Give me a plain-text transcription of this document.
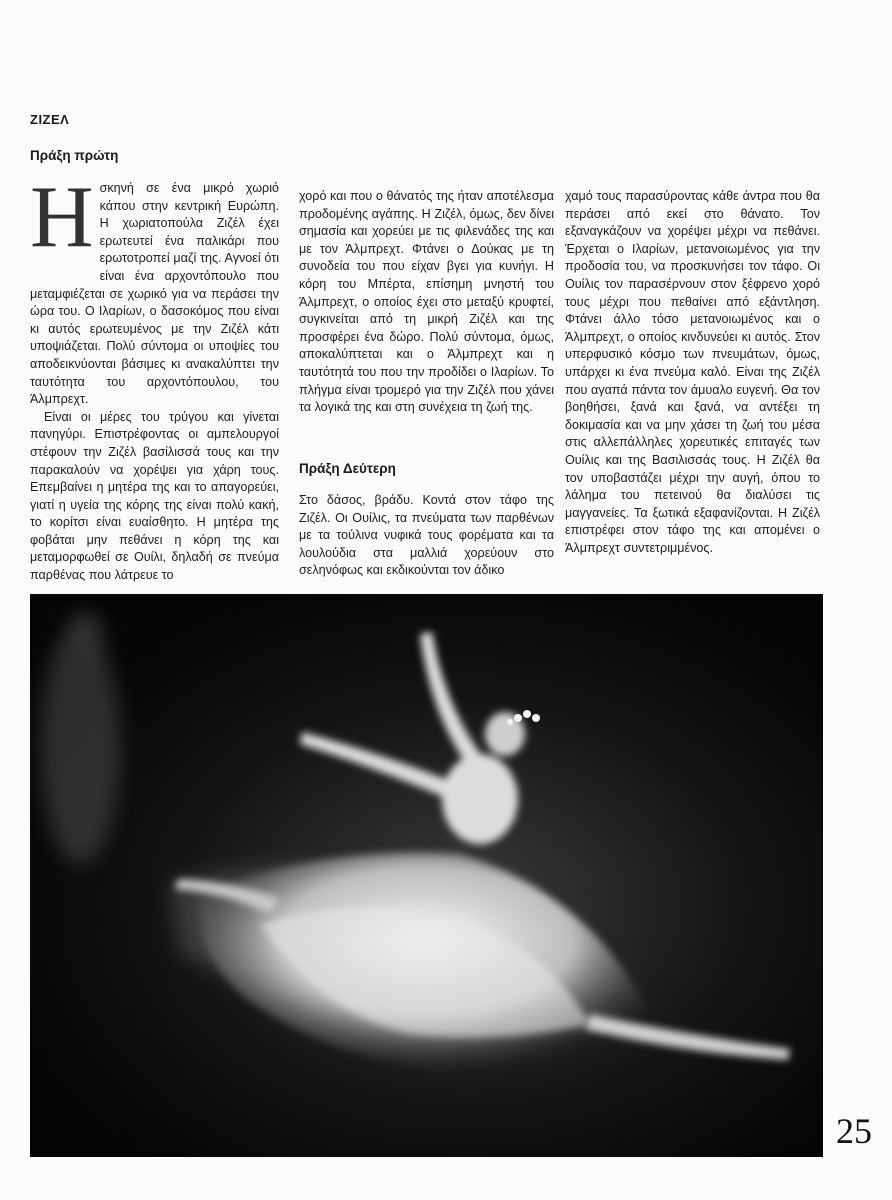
ΖΙΖΕΛ
Πράξη πρώτη

Ησκηνή σε ένα μικρό χωριό κάπου στην κεντρική Ευρώπη. Η χωριατοπούλα Ζιζέλ έχει ερωτευτεί ένα παλικάρι που ερωτοτροπεί μαζί της. Αγνοεί ότι είναι ένα αρχοντόπουλο που μεταμφιέζεται σε χωρικό για να περάσει την ώρα του. Ο Ιλαρίων, ο δασοκόμος που είναι κι αυτός ερωτευμένος με την Ζιζέλ κάτι υποψιάζεται. Πολύ σύντομα οι υποψίες του αποδεικνύονται βάσιμες κι ανακαλύπτει την ταυτότητα του αρχοντόπουλου, του Άλμπρεχτ.

Είναι οι μέρες του τρύγου και γίνεται πανηγύρι. Επιστρέφοντας οι αμπελουργοί στέφουν την Ζιζέλ βασίλισσά τους και την παρακαλούν να χορέψει για χάρη τους. Επεμβαίνει η μητέρα της και το απαγορεύει, γιατί η υγεία της κόρης της είναι πολύ κακή, το κορίτσι είναι ευαίσθητο. Η μητέρα της φοβάται μην πεθάνει η κόρη της και μεταμορφωθεί σε Ουίλι, δηλαδή σε πνεύμα παρθένας που λάτρευε το

χορό και που ο θάνατός της ήταν αποτέλεσμα προδομένης αγάπης. Η Ζιζέλ, όμως, δεν δίνει σημασία και χορεύει με τις φιλενάδες της και με τον Άλμπρεχτ. Φτάνει ο Δούκας με τη συνοδεία του που είχαν βγει για κυνήγι. Η κόρη του Μπέρτα, επίσημη μνηστή του Άλμπρεχτ, ο οποίος έχει στο μεταξύ κρυφτεί, συγκινείται από τη μικρή Ζιζέλ και της προσφέρει ένα δώρο. Πολύ σύντομα, όμως, αποκαλύπτεται και ο Άλμπρεχτ και η ταυτότητά του που την προδίδει ο Ιλαρίων. Το πλήγμα είναι τρομερό για την Ζιζέλ που χάνει τα λογικά της και στη συνέχεια τη ζωή της.

Πράξη Δεύτερη

Στο δάσος, βράδυ. Κοντά στον τάφο της Ζιζέλ. Οι Ουίλις, τα πνεύματα των παρθένων με τα τούλινα νυφικά τους φορέματα και τα λουλούδια στα μαλλιά χορεύουν στο σεληνόφως και εκδικούνται τον άδικο

χαμό τους παρασύροντας κάθε άντρα που θα περάσει από εκεί στο θάνατο. Τον εξαναγκάζουν να χορέψει μέχρι να πεθάνει. Έρχεται ο Ιλαρίων, μετανοιωμένος για την προδοσία του, να προσκυνήσει τον τάφο. Οι Ουίλις τον παρασέρνουν στον ξέφρενο χορό τους μέχρι που πεθαίνει από εξάντληση. Φτάνει άλλο τόσο μετανοιωμένος και ο Άλμπρεχτ, ο οποίος κινδυνεύει κι αυτός. Στον υπερφυσικό κόσμο των πνευμάτων, όμως, υπάρχει κι ένα πνεύμα καλό. Είναι της Ζιζέλ που αγαπά πάντα τον άμυαλο ευγενή. Θα τον βοηθήσει, ξανά και ξανά, να αντέξει τη δοκιμασία και να μην χάσει τη ζωή του μέσα στις αλλεπάλληλες χορευτικές επιταγές των Ουίλις και της Βασιλισσάς τους. Η Ζιζέλ θα τον υποβαστάζει μέχρι την αυγή, όπου το λάλημα του πετεινού θα διαλύσει τις μαγγανείες. Τα ξωτικά εξαφανίζονται. Η Ζιζέλ επιστρέφει στον τάφο της και απομένει ο Άλμπρεχτ συντετριμμένος.

25
